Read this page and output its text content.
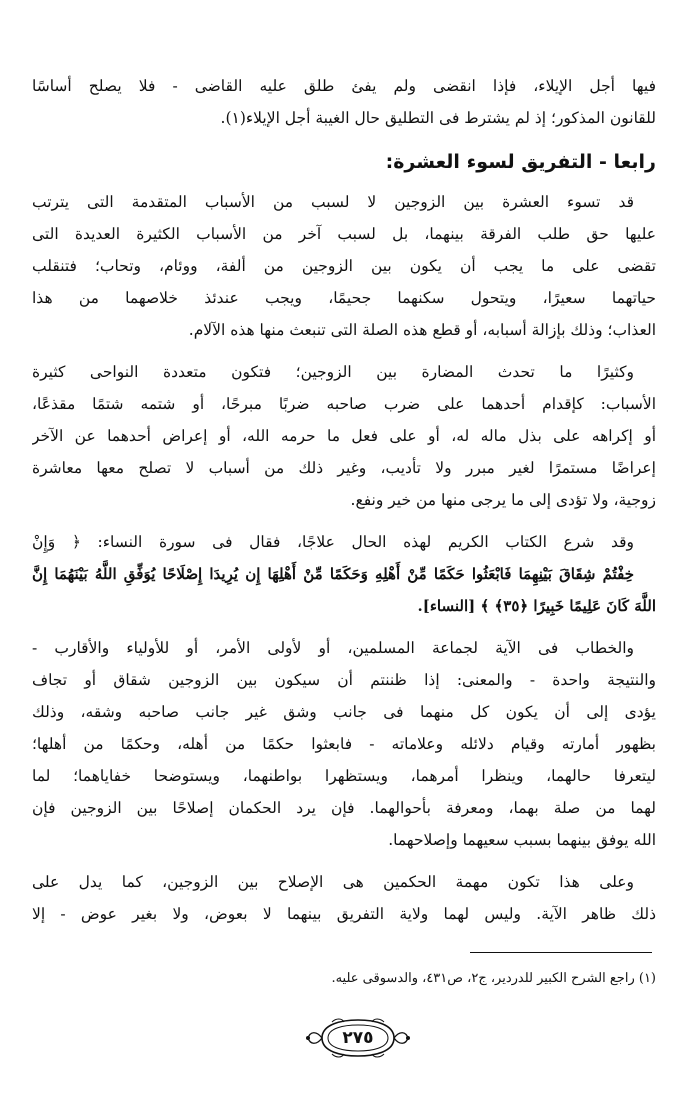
فيها أجل الإيلاء، فإذا انقضى ولم يفئ طلق عليه القاضى - فلا يصلح أساسًا
للقانون المذكور؛ إذ لم يشترط فى التطليق حال الغيبة أجل الإيلاء(١).
رابعا - التفريق لسوء العشرة:
قد تسوء العشرة بين الزوجين لا لسبب من الأسباب المتقدمة التى يترتب
عليها حق طلب الفرقة بينهما، بل لسبب آخر من الأسباب الكثيرة العديدة التى
تقضى على ما يجب أن يكون بين الزوجين من ألفة، ووئام، وتحاب؛ فتنقلب
حياتهما سعيرًا، ويتحول سكنهما جحيمًا، ويجب عندئذ خلاصهما من هذا
العذاب؛ وذلك بإزالة أسبابه، أو قطع هذه الصلة التى تنبعث منها هذه الآلام.
وكثيرًا ما تحدث المضارة بين الزوجين؛ فتكون متعددة النواحى كثيرة
الأسباب: كإقدام أحدهما على ضرب صاحبه ضربًا مبرحًا، أو شتمه شتمًا مقذعًا،
أو إكراهه على بذل ماله له، أو على فعل ما حرمه الله، أو إعراض أحدهما عن الآخر
إعراضًا مستمرًا لغير مبرر ولا تأديب، وغير ذلك من أسباب لا تصلح معها معاشرة
زوجية، ولا تؤدى إلى ما يرجى منها من خير ونفع.
وقد شرع الكتاب الكريم لهذه الحال علاجًا، فقال فى سورة النساء: ﴿ وَإِنْ
خِفْتُمْ شِقَاقَ بَيْنِهِمَا فَابْعَثُوا حَكَمًا مِّنْ أَهْلِهِ وَحَكَمًا مِّنْ أَهْلِهَا إِن يُرِيدَا إِصْلَاحًا يُوَفِّقِ اللَّهُ بَيْنَهُمَا إِنَّ
اللَّهَ كَانَ عَلِيمًا خَبِيرًا ﴿٣٥﴾ ﴾ [النساء].
والخطاب فى الآية لجماعة المسلمين، أو لأولى الأمر، أو للأولياء والأقارب -
والنتيجة واحدة - والمعنى: إذا ظننتم أن سيكون بين الزوجين شقاق أو تجاف
يؤدى إلى أن يكون كل منهما فى جانب وشق غير جانب صاحبه وشقه، وذلك
بظهور أمارته وقيام دلائله وعلاماته - فابعثوا حكمًا من أهله، وحكمًا من أهلها؛
ليتعرفا حالهما، وينظرا أمرهما، ويستظهرا بواطنهما، ويستوضحا خفاياهما؛ لما
لهما من صلة بهما، ومعرفة بأحوالهما. فإن يرد الحكمان إصلاحًا بين الزوجين فإن
الله يوفق بينهما بسبب سعيهما وإصلاحهما.
وعلى هذا تكون مهمة الحكمين هى الإصلاح بين الزوجين، كما يدل على
ذلك ظاهر الآية. وليس لهما ولاية التفريق بينهما لا بعوض، ولا بغير عوض - إلا
(١) راجع الشرح الكبير للدردير، ج٢، ص٤٣١، والدسوقى عليه.
٢٧٥
